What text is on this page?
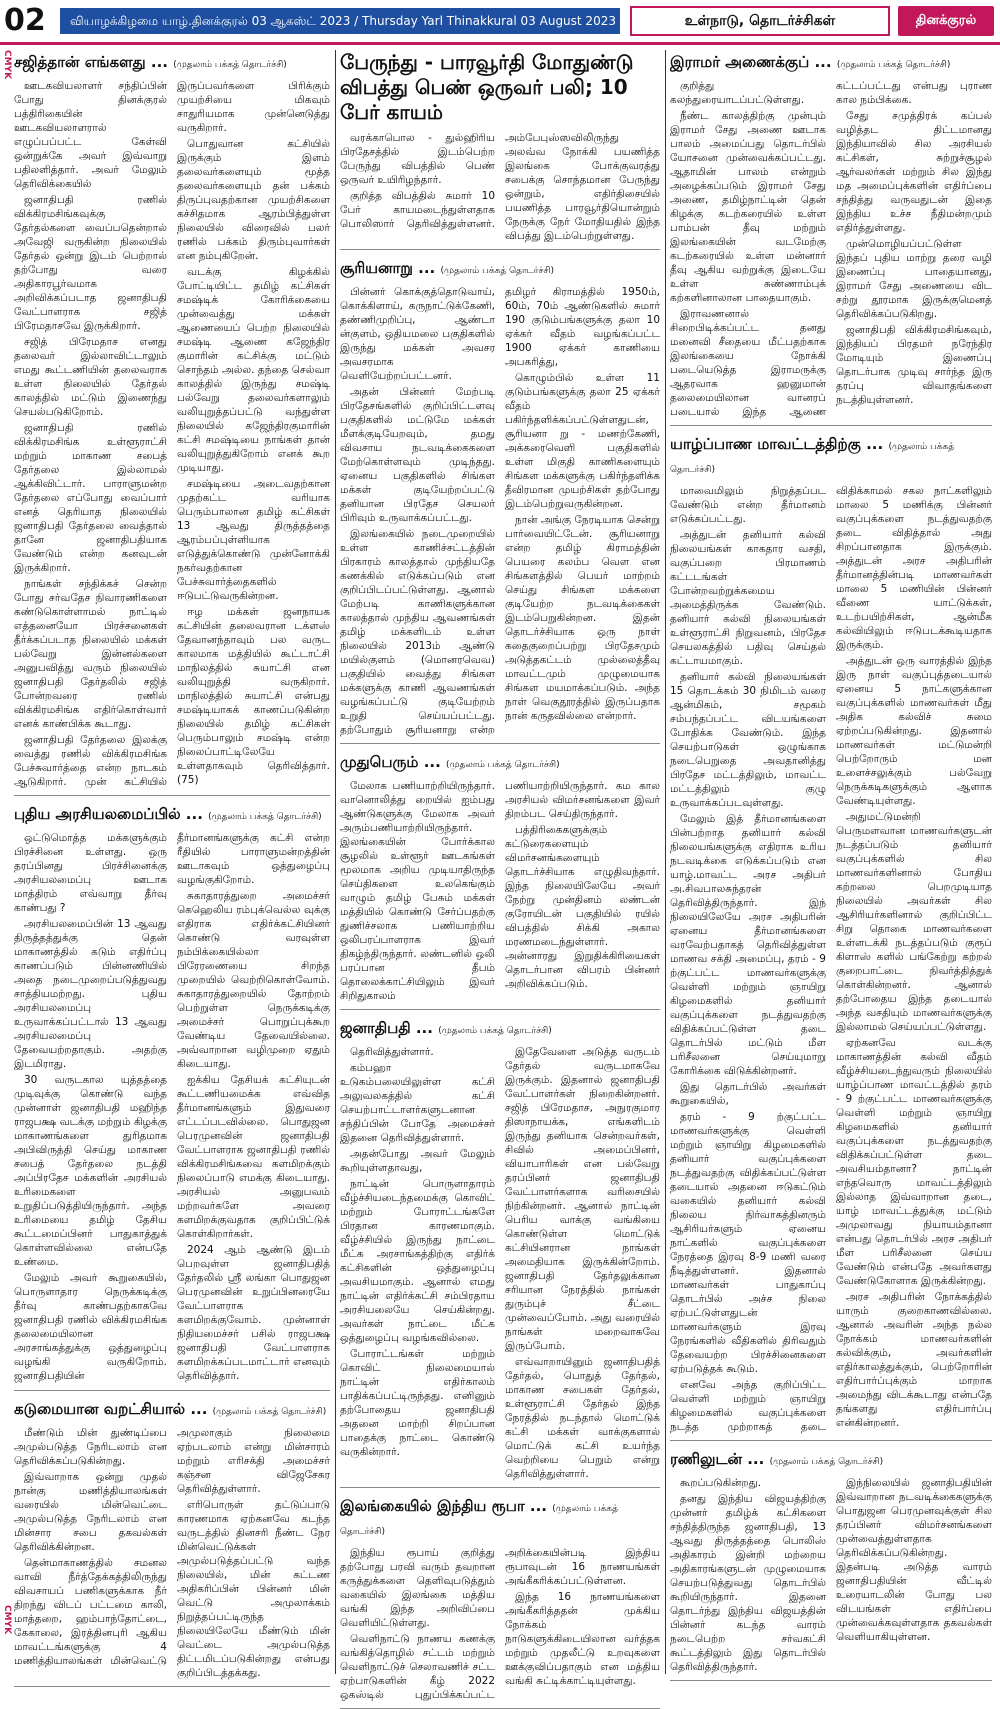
02	வியாழக்கிழமை யாழ்.தினக்குரல் 03 ஆகஸ்ட் 2023 / Thursday Yarl Thinakkural 03 August 2023	உள்நாடு, தொடர்ச்சிகள்	தினக்குரல்
CMYK
CMYK
சஜித்தான் எங்களது ... (முதலாம் பக்கத் தொடர்ச்சி)

ஊடகவியலாளர் சந்திப்பின் போது தினக்குரல் பத்திரிகையின் ஊடகவியலாளரால் எழுப்பப்பட்ட கேள்வி ஒன்றுக்கே அவர் இவ்வாறு பதிலளித்தார். அவர் மேலும் தெரிவிக்கையில்

ஜனாதிபதி ரணில் விக்கிரமசிங்கவுக்கு தேர்தல்களை வைப்பதென்றால் அவேஜி வருகின்ற நிலையில் தேர்தல் ஒன்று இடம் பெற்றால் தற்போது வரை அதிகாரபூர்வமாக அறிவிக்கப்படாத ஜனாதிபதி வேட்பாளராக சஜித் பிரேமதாசவே இருக்கிறார்.

சஜித் பிரேமதாச எனது தலைவர் இல்லாவிட்டாலும் எமது கூட்டணியின் தலைவராக உள்ள நிலையில் தேர்தல் காலத்தில் மட்டும் இணைந்து செயல்படுகிறோம்.

ஜனாதிபதி ரணில் விக்கிரமசிங்க உள்ளூராட்சி மற்றும் மாகாண சபைத் தேர்தலை இல்லாமல் ஆக்கிவிட்டார். பாராளுமன்ற தேர்தலை எப்போது வைப்பார் எனத் தெரியாத நிலையில் ஜனாதிபதி தேர்தலை வைத்தால் தானே ஜனாதிபதியாக வேண்டும் என்ற கனவுடன் இருக்கிறார்.

நாங்கள் சந்திக்கச் சென்ற போது சர்வதேச நிவாரணிகளை கண்டுகொள்ளாமல் நாட்டில் எத்தனையோ பிரச்சனைகள் தீர்க்கப்படாத நிலையில் மக்கள் பல்வேறு இன்னல்களை அனுபவித்து வரும் நிலையில் ஜனாதிபதி தேர்தலில் சஜித் போன்றவரை ரணில் விக்கிரமசிங்க எதிர்கொள்வார் எனக் காண்பிக்க கூடாது.

ஜனாதிபதி தேர்தலை இலக்கு வைத்து ரணில் விக்கிரமசிங்க பேச்சுவார்த்தை என்ற நாடகம் ஆடுகிறார். முன் கட்சியில் இருப்பவர்களை பிரிக்கும் முயற்சியை மிகவும் சாதுரியமாக முன்னெடுத்து வருகிறார்.

பொதுவான கட்சியில் இருக்கும் இளம் தலைவர்களையும் மூத்த தலைவர்களையும் தன் பக்கம் திருப்புவதற்கான முயற்சிகளை கச்சிதமாக ஆரம்பித்துள்ள நிலையில் விரைவில் பலர் ரணில் பக்கம் திரும்புவார்கள் என நம்புகிறேன்.

வடக்கு கிழக்கில் போட்டியிட்ட தமிழ் கட்சிகள் சமஷ்டிக் கோரிக்கையை முன்வைத்து மக்கள் ஆணையைப் பெற்ற நிலையில் சமஷ்டி ஆணை கஜேந்திர குமாரின் கட்சிக்கு மட்டும் சொந்தம் அல்ல. தந்தை செல்வா காலத்தில் இருந்து சமஷ்டி பல்வேறு தலைவர்களாலும் வலியுறுத்தப்பட்டு வந்துள்ள நிலையில் கஜேந்திரகுமாரின் கட்சி சமஷ்டியை நாங்கள் தான் வலியுறுத்துகிறோம் எனக் கூற முடியாது.

சமஷ்டியை அடைவதற்கான முதற்கட்ட வரியாக பெரும்பாலான தமிழ் கட்சிகள் 13 ஆவது திருத்தத்தை ஆரம்பப்புள்ளியாக எடுத்துக்கொண்டு முன்னோக்கி நகர்வதற்கான பேச்சுவார்த்தைகளில் ஈடுபட்டுவருகின்றன.

ஈழ மக்கள் ஜனநாயக கட்சியின் தலைவரான டக்ளஸ் தேவானந்தாவும் பல வருட காலமாக மத்தியில் கூட்டாட்சி மாநிலத்தில் சுயாட்சி என வலியுறுத்தி வருகிறார். மாநிலத்தில் சுயாட்சி என்பது சமஷ்டியாகக் காணப்படுகின்ற நிலையில் தமிழ் கட்சிகள் பெரும்பாலும் சமஷ்டி என்ற நிலைப்பாட்டிலேயே உள்ளதாகவும் தெரிவித்தார். (75)

புதிய அரசியலமைப்பில் ... (முதலாம் பக்கத் தொடர்ச்சி)

ஒட்டுமொத்த மக்களுக்கும் பிரச்சினை உள்ளது. ஒரு தரப்பினது பிரச்சினைக்கு அரசியலமைப்பு ஊடாக மாத்திரம் எவ்வாறு தீர்வு காண்பது ?

அரசியலமைப்பின் 13 ஆவது திருத்தத்துக்கு தென் மாகாணத்தில் கடும் எதிர்ப்பு காணப்படும் பின்னணியில் அதை நடைமுறைப்படுத்துவது சாத்தியமற்றது. புதிய அரசியலமைப்பு உருவாக்கப்பட்டால் 13 ஆவது அரசியலமைப்பு தேவையற்றதாகும். அதற்கு இடமிராது.

30 வருடகால யுத்தத்தை முடிவுக்கு கொண்டு வந்த முன்னாள் ஜனாதிபதி மஹிந்த ராஜபக்ஷ வடக்கு மற்றும் கிழக்கு மாகாணங்களை துரிதமாக அபிவிருத்தி செய்து மாகாண சபைத் தேர்தலை நடத்தி அப்பிரதேச மக்களின் அரசியல் உரிமைகளை உறுதிப்படுத்தியிருந்தார். அந்த உரிமையை தமிழ் தேசிய கூட்டமைப்பினர் பாதுகாத்துக் கொள்ளவில்லை என்பதே உண்மை.

மேலும் அவர் கூறுகையில், பொருளாதார நெருக்கடிக்கு தீர்வு காண்பதற்காகவே ஜனாதிபதி ரணில் விக்கிரமசிங்க தலைமையிலான அரசாங்கத்துக்கு ஒத்துழைப்பு வழங்கி வருகிறோம். ஜனாதிபதியின் தீர்மானங்களுக்கு கட்சி என்ற ரீதியில் பாராளுமன்றத்தின் ஊடாகவும் ஒத்துழைப்பு வழங்குகிறோம்.

சுகாதாரத்துறை அமைச்சர் கெஹெலிய ரம்புக்வெல்ல வுக்கு எதிராக எதிர்க்கட்சியினர் கொண்டு வரவுள்ள நம்பிக்கையில்லா பிரேரணையை சிறந்த முறையில் வெற்றிகொள்வோம். சுகாதாரத்துறையில் தோற்றம் பெற்றுள்ள நெருக்கடிக்கு அமைச்சர் பொறுப்புக்கூற வேண்டிய தேவையில்லை. அவ்வாறான வழிமுறை ஏதும் கிடையாது.

ஐக்கிய தேசியக் கட்சியுடன் கூட்டணியமைக்க எவ்வித தீர்மானங்களும் இதுவரை எட்டப்படவில்லை. பொதுஜன பெரமுனவின் ஜனாதிபதி வேட்பாளராக ஜனாதிபதி ரணில் விக்கிரமசிங்கவை களமிறக்கும் நிலைப்பாடு எமக்கு கிடையாது. அரசியல் அனுபவம் மற்றவர்களே அவரை களமிறக்குவதாக குறிப்பிட்டுக் கொள்கிறார்கள்.

2024 ஆம் ஆண்டு இடம் பெறவுள்ள ஜனாதிபதித் தேர்தலில் ஸ்ரீ லங்கா பொதுஜன பெரமுனவின் உறுப்பினரையே வேட்பாளராக களமிறக்குவோம். முன்னாள் நிதியமைச்சர் பசில் ராஜபக்ஷ ஜனாதிபதி வேட்பாளராக களமிறக்கப்படமாட்டார் எனவும் தெரிவித்தார்.

கடுமையான வறட்சியால் ... (முதலாம் பக்கத் தொடர்ச்சி)

மீண்டும் மின் துண்டிப்பை அமுல்படுத்த நேரிடலாம் என தெரிவிக்கப்படுகின்றது.

இவ்வாறாக ஒன்று முதல் நான்கு மணித்தியாலங்கள் வரையில் மின்வெட்டை அமுல்படுத்த நேரிடலாம் என மின்சார சபை தகவல்கள் தெரிவிக்கின்றன.

தென்மாகாணத்தில் சமனல வாவி நீர்த்தேக்கத்திலிருந்து விவசாயப் பணிகளுக்காக நீர் திறந்து விடப் பட்டமை காலி, மாத்தறை, ஹம்பாந்தோட்டை, கேகாலை, இரத்தினபுரி ஆகிய மாவட்டங்களுக்கு 4 மணித்தியாலங்கள் மின்வெட்டு அமுலாகும் நிலைமை ஏற்படலாம் என்று மின்சாரம் மற்றும் எரிசக்தி அமைச்சர் கஞ்சன விஜேசேகர தெரிவித்துள்ளார்.

எரிபொருள் தட்டுப்பாடு காரணமாக ஏற்கனவே கடந்த வருடத்தில் தினசரி நீண்ட நேர மின்வெட்டுக்கள் அமுல்படுத்தப்பட்டு வந்த நிலையில், மின் கட்டண அதிகரிப்பின் பின்னர் மின் வெட்டு அமுலாக்கம் நிறுத்தப்பட்டிருந்த நிலையிலேயே மீண்டும் மின் வெட்டை அமுல்படுத்த திட்டமிடப்படுகின்றது என்பது குறிப்பிடத்தக்கது.

பேருந்து - பாரவூர்தி மோதுண்டு விபத்து பெண் ஒருவர் பலி; 10 பேர் காயம்

வரக்காபொல - துல்ஹிரிய பிரதேசத்தில் இடம்பெற்ற பேருந்து விபத்தில் பெண் ஒருவர் உயிரிழந்தார்.

குறித்த விபத்தில் சுமார் 10 பேர் காயமடைந்துள்ளதாக பொலிஸார் தெரிவித்துள்ளனர். அம்பேபுஸ்ஸவிலிருந்து அலவ்வ நோக்கி பயணித்த இலங்கை போக்குவரத்து சபைக்கு சொந்தமான பேருந்து ஒன்றும், எதிர்திசையில் பயணித்த பாரவூர்தியொன்றும் நேருக்கு நேர் மோதியதில் இந்த விபத்து இடம்பெற்றுள்ளது.

சூரியனாறு ... (முதலாம் பக்கத் தொடர்ச்சி)

பின்னர் கொக்குத்தொடுவாய், கொக்கிளாய், கருநாட்டுக்கேணி, தண்ணிமுறிப்பு, ஆண்டா ன்குளம், ஒதியமலை பகுதிகளில் இருந்து மக்கள் அவசர அவசரமாக வெளியேற்றப்பட்டனர்.

அதன் பின்னர் மேற்படி பிரதேசங்களில் குறிப்பிட்டளவு பகுதிகளில் மட்டுமே மக்கள் மீளக்குடியேறவும், தமது விவசாய நடவடிக்கைகளை மேற்கொள்ளவும் முடிந்தது. ஏனைய பகுதிகளில் சிங்கள மக்கள் குடியேற்றப்பட்டு தனியான பிரதேச செயலர் பிரிவும் உருவாக்கப்பட்டது.

இலங்கையில் நடைமுறையில் உள்ள காணிச்சட்டத்தின் பிரகாரம் காலத்தால் முந்தியதே கணக்கில் எடுக்கப்படும் என குறிப்பிடப்பட்டுள்ளது. ஆனால் மேற்படி காணிகளுக்கான காலத்தால் முந்திய ஆவணங்கள் தமிழ் மக்களிடம் உள்ள நிலையில் 2013ம் ஆண்டு மயில்குளம் (மொனரவெவ) பகுதியில் வைத்து சிங்கள மக்களுக்கு காணி ஆவணங்கள் வழங்கப்பட்டு குடியேற்றம் உறுதி செய்யப்பட்டது. தற்போதும் சூரியனாறு என்ற தமிழர் கிராமத்தில் 1950ம், 60ம், 70ம் ஆண்டுகளில் சுமார் 190 குடும்பங்களுக்கு தலா 10 ஏக்கர் வீதம் வழங்கப்பட்ட 1900 ஏக்கர் காணியை அபகரித்து,

கொழும்பில் உள்ள 11 குடும்பங்களுக்கு தலா 25 ஏக்கர் வீதம் பகிர்ந்தளிக்கப்பட்டுள்ளதுடன், சூரியனா று - மணற்கேணி, அக்கரைவெளி பகுதிகளில் உள்ள மிகுதி காணிகளையும் சிங்கள மக்களுக்கு பகிர்ந்தளிக்க தீவிரமான முயற்சிகள் தற்போது இடம்பெற்றுவருகின்றன.

நான் அங்கு நேரடியாக சென்று பார்வையிட்டேன். சூரியனாறு என்ற தமிழ் கிராமத்தின் பெயரை கலம்ப வெள என சிங்களத்தில் பெயர் மாற்றம் செய்து சிங்கள மக்களை குடியேற்ற நடவடிக்கைகள் இடம்பெறுகின்றன. இதன் தொடர்ச்சியாக ஒரு நாள் கதைகுறைப்பற்று பிரதேசமும் அடுத்தகட்டம் முல்லைத்தீவு மாவட்டமும் முழுமையாக சிங்கள மயமாக்கப்படும். அந்த நாள் வெகுதூரத்தில் இருப்பதாக நான் கருதவில்லை என்றார்.

முதுபெரும் ... (முதலாம் பக்கத் தொடர்ச்சி)

மேலாக பணியாற்றியிருந்தார். வானொலித்து றையில் ஐம்பது ஆண்டுகளுக்கு மேலாக அவர் அரும்பணியாற்றியிருந்தார். இலங்கையின் போர்க்கால சூழலில் உள்ளூர் ஊடகங்கள் மூலமாக அறிய முடியாதிருந்த செய்திகளை உலகெங்கும் வாழும் தமிழ் பேசும் மக்கள் மத்தியில் கொண்டு சேர்ப்பதற்கு துணிச்சலாக பணியாற்றிய ஒலிபரப்பாளராக இவர் திகழ்ந்திருந்தார். லண்டனில் ஒலி பரப்பான தீபம் தொலைக்காட்சியிலும் இவர் சிறிதுகாலம் பணியாற்றியிருந்தார். கம கால அரசியல் விமர்சனங்களை இவர் திறம்பட செய்திருந்தார்.

பத்திரிகைகளுக்கும் கட்டுரைகளையும் விமர்சனங்களையும் தொடர்ச்சியாக எழுதிவந்தார். இந்த நிலையிலேயே அவர் நேற்று முன்தினம் லண்டன் குரோயிடன் பகுதியில் ரயில் விபத்தில் சிக்கி அகால மரணமடைந்துள்ளார். அன்னாரது இறுதிக்கிரியைகள் தொடர்பான விபரம் பின்னர் அறிவிக்கப்படும்.

ஜனாதிபதி ... (முதலாம் பக்கத் தொடர்ச்சி)

தெரிவித்துள்ளார்.

கம்பஹா உடுகம்பலையிலுள்ள கட்சி அலுவலகத்தில் கட்சி செயற்பாட்டாளர்களுடனான சந்திப்பின் போதே அமைச்சர் இதனை தெரிவித்துள்ளார்.

அதன்போது அவர் மேலும் கூறியுள்ளதாவது,

நாட்டின் பொருளாதாரம் வீழ்ச்சியடைந்தமைக்கு கொவிட் மற்றும் போராட்டங்களே பிரதான காரணமாகும். வீழ்ச்சியில் இருந்து நாட்டை மீட்க அரசாங்கத்திற்கு எதிர்க் கட்சிகளின் ஒத்துழைப்பு அவசியமாகும். ஆனால் எமது நாட்டின் எதிர்க்கட்சி சம்பிரதாய அரசியலையே செய்கின்றது. அவர்கள் நாட்டை மீட்க ஒத்துழைப்பு வழங்கவில்லை.

போராட்டங்கள் மற்றும் கொவிட் நிலைமையால் நாட்டின் எதிர்காலம் பாதிக்கப்பட்டிருந்தது. எனினும் தற்போதைய ஜனாதிபதி அதனை மாற்றி சிறப்பான பாதைக்கு நாட்டை கொண்டு வருகின்றார்.

இதேவேளை அடுத்த வருடம் தேர்தல் வருடமாகவே இருக்கும். இதனால் ஜனாதிபதி வேட்பாளர்கள் நிறைகின்றனர். சஜித் பிரேமதாச, அநுரகுமார திஸாநாயக்க, எங்களிடம் இருந்து தனியாக சென்றவர்கள், சிவில் அமைப்பினர், வியாபாரிகள் என பல்வேறு தரப்பினர் ஜனாதிபதி வேட்பாளர்களாக வரிசையில் நிற்கின்றனர். ஆனால் நாட்டின் பெரிய வாக்கு வங்கியை கொண்டுள்ள மொட்டுக் கட்சியினரான நாங்கள் அமைதியாக இருக்கின்றோம். ஜனாதிபதி தேர்தலுக்கான சரியான நேரத்தில் நாங்கள் துரும்புச் சீட்டை முன்வைப்போம். அது வரையில் நாங்கள் மறைவாகவே இருப்போம்.

எவ்வாறாயினும் ஜனாதிபதித் தேர்தல், பொதுத் தேர்தல், மாகாண சபைகள் தேர்தல், உள்ளூராட்சி தேர்தல் இந்த நேரத்தில் நடந்தால் மொட்டுக் கட்சி மக்கள் வாக்குகளால் மொட்டுக் கட்சி உயர்ந்த வெற்றியை பெறும் என்று தெரிவித்துள்ளார்.

இலங்கையில் இந்திய ரூபா ... (முதலாம் பக்கத் தொடர்ச்சி)

இந்திய ரூபாய் குறித்து தற்போது பரவி வரும் தவறான கருத்துக்களை தெளிவுபடுத்தும் வகையில் இலங்கை மத்திய வங்கி இந்த அறிவிப்பை வெளியிட்டுள்ளது.

வெளிநாட்டு நாணய கணக்கு வங்கித்தொழில் சட்டம் மற்றும் வெளிநாட்டுச் செலாவணிச் சட்ட ஏற்பாடுகளின் கீழ் 2022 ஒகஸ்டில் புதுப்பிக்கப்பட்ட அறிக்கையின்படி இந்திய ரூபாவுடன் 16 நாணயங்கள் அங்கீகரிக்கப்பட்டுள்ளன.

இந்த 16 நாணயங்களை அங்கீகரித்ததன் முக்கிய நோக்கம் நாடுகளுக்கிடையிலான வர்த்தக மற்றும் முதலீட்டு உறவுகளை ஊக்குவிப்பதாகும் என மத்திய வங்கி சுட்டிக்காட்டியுள்ளது.

இராமர் அணைக்குப் ... (முதலாம் பக்கத் தொடர்ச்சி)

குறித்து கலந்துரையாடப்பட்டுள்ளது.

நீண்ட காலத்திற்கு முன்பும் இராமர் சேது அணை ஊடாக பாலம் அமைப்பது தொடர்பில் யோசனை முன்வைக்கப்பட்டது. ஆதாமின் பாலம் என்றும் அழைக்கப்படும் இராமர் சேது அணை, தமிழ்நாட்டின் தென் கிழக்கு கடற்கரையில் உள்ள பாம்பன் தீவு மற்றும் இலங்கையின் வடமேற்கு கடற்கரையில் உள்ள மன்னார் தீவு ஆகிய வற்றுக்கு இடையே உள்ள சுண்ணாம்புக் கற்களினாலான பாதையாகும்.

இராவணனால் சிறைபிடிக்கப்பட்ட தனது மனைவி சீதையை மீட்பதற்காக இலங்கையை நோக்கி படையெடுத்த இராமருக்கு ஆதரவாக ஹனுமான் தலைமையிலான வானரப் படையால் இந்த ஆணை கட்டப்பட்டது என்பது புராண கால நம்பிக்கை.

சேது சமுத்திரக் கப்பல் வழித்தட திட்டமானது இந்தியாவில் சில அரசியல் கட்சிகள், சுற்றுச்சூழல் ஆர்வலர்கள் மற்றும் சில இந்து மத அமைப்புக்களின் எதிர்ப்பை சந்தித்து வருவதுடன் இதை இந்திய உச்ச நீதிமன்றமும் எதிர்த்துள்ளது.

முன்மொழியப்பட்டுள்ள இந்தப் புதிய மாற்று தரை வழி இணைப்பு பாதையானது, இராமர் சேது அணையை விட சற்று தூரமாக இருக்குமெனத் தெரிவிக்கப்படுகிறது.

ஜனாதிபதி விக்கிரமசிங்கவும், இந்தியப் பிரதமர் நரேந்திர மோடியும் இணைப்பு தொடர்பாக முடிவு சார்ந்த இரு தரப்பு விவாதங்களை நடத்தியுள்ளனர்.

யாழ்ப்பாண மாவட்டத்திற்கு ... (முதலாம் பக்கத் தொடர்ச்சி)

மாவைமிலும் நிறுத்தப்பட வேண்டும் என்ற தீர்மானம் எடுக்கப்பட்டது.

அத்துடன் தனியார் கல்வி நிலையங்கள் காகதார வசதி, வகுப்பறை பிரமாணம் கட்டடங்கள் போன்றவற்றுக்கமைய அமைத்திருக்க வேண்டும். தனியார் கல்வி நிலையங்கள் உள்ளூராட்சி நிறுவனம், பிரதேச செயலகத்தில் பதிவு செய்தல் கட்டாயமாகும்.

தனியார் கல்வி நிலையங்கள் 15 தொடக்கம் 30 நிமிடம் வரை ஆன்மிகம், சமூகம் சம்பந்தப்பட்ட விடயங்களை போதிக்க வேண்டும். இந்த செயற்பாடுகள் ஒழுங்காக நடைபெறுதை அவதானித்து பிரதேச மட்டத்திலும், மாவட்ட மட்டத்திலும் குழு உருவாக்கப்படவுள்ளது.

மேலும் இத் தீர்மானங்களை பின்பற்றாத தனியார் கல்வி நிலையங்களுக்கு எதிராக உரிய நடவடிக்கை எடுக்கப்படும் என யாழ்.மாவட்ட அரச அதிபர் அ.சிவபாலசுந்தரன் தெரிவித்திருந்தார். இந் நிலையிலேயே அரச அதிபரின் ஏனைய தீர்மானங்களை வரவேற்பதாகத் தெரிவித்துள்ள மாணவ சக்தி அமைப்பு, தரம் - 9 ற்குட்பட்ட மாணவர்களுக்கு வெள்ளி மற்றும் ஞாயிறு கிழமைகளில் தனியார் வகுப்புக்களை நடத்துவதற்கு விதிக்கப்பட்டுள்ள தடை தொடர்பில் மட்டும் மீள பரிசீலனை செய்யுமாறு கோரிக்கை விடுக்கின்றனர்.

இது தொடர்பில் அவர்கள் கூறுகையில்,

தரம் - 9 ற்குட்பட்ட மாணவர்களுக்கு வெள்ளி மற்றும் ஞாயிறு கிழமைகளில் தனியார் வகுப்புக்களை நடத்துவதற்கு விதிக்கப்பட்டுள்ள தடையால் அதனை ஈடுகட்டும் வகையில் தனியார் கல்வி நிலைய நிர்வாகத்தினரும் ஆசிரியர்களும் ஏனைய நாட்களில் வகுப்புக்களை நேரத்தை இரவு 8-9 மணி வரை நீடித்துள்ளனர். இதனால் மாணவர்கள் பாதுகாப்பு தொடர்பில் அச்ச நிலை ஏற்பட்டுள்ளதுடன் மாணவர்களும் இரவு நேரங்களில் வீதிகளில் திரிவதும் தேவையற்ற பிரச்சினைகளை ஏற்படுத்தக் கூடும்.

எனவே அந்த குறிப்பிட்ட வெள்ளி மற்றும் ஞாயிறு கிழமைகளில் வகுப்புக்களை நடத்த முற்றாகத் தடை விதிக்காமல் சகல நாட்களிலும் மாலை 5 மணிக்கு பின்னர் வகுப்புக்களை நடத்துவதற்கு தடை விதித்தால் அது சிறப்பானதாக இருக்கும். அத்துடன் அரச அதிபரின் தீர்மானத்தின்படி மாணவர்கள் மாலை 5 மணியின் பின்னர் வீணை யாட்டுக்கள், உடற்பயிற்சிகள், ஆன்மீக கல்வியிலும் ஈடுபடக்கூடியதாக இருக்கும்.

அத்துடன் ஒரு வாரத்தில் இந்த இரு நாள் வகுப்புத்தடையால் ஏனைய 5 நாட்களுக்கான வகுப்புக்களில் மாணவர்கள் மீது அதிக கல்விச் சுமை ஏற்றப்படுகின்றது. இதனால் மாணவர்கள் மட்டுமன்றி பெற்றோரும் மன உளைச்சலுக்கும் பல்வேறு நெருக்கடிகளுக்கும் ஆளாக வேண்டியுள்ளது.

அதுமட்டுமன்றி பெருமளவான மாணவர்களுடன் நடத்தப்படும் தனியார் வகுப்புக்களில் சில மாணவர்களினால் போதிய கற்றலை பெறமுடியாத நிலையில் அவர்கள் சில ஆசிரியர்களினால் குறிப்பிட்ட சிறு தொகை மாணவர்களை உள்ளடக்கி நடத்தப்படும் குரூப் கிளாஸ் களில் பங்கேற்று கற்றல் குறைபாட்டை நிவர்த்தித்துக் கொள்கின்றனர். ஆனால் தற்போதைய இந்த தடையால் அந்த வசதியும் மாணவர்களுக்கு இல்லாமல் செய்யப்பட்டுள்ளது.

ஏற்கனவே வடக்கு மாகாணத்தின் கல்வி வீதம் வீழ்ச்சியடைந்துவரும் நிலையில் யாழ்ப்பாண மாவட்டத்தில் தரம் - 9 ற்குட்பட்ட மாணவர்களுக்கு வெள்ளி மற்றும் ஞாயிறு கிழமைகளில் தனியார் வகுப்புக்களை நடத்துவதற்கு விதிக்கப்பட்டுள்ள தடை அவசியம்தானா? நாட்டின் எந்தவொரு மாவட்டத்திலும் இல்லாத இவ்வாறான தடை, யாழ் மாவட்டத்துக்கு மட்டும் அமுலாவது நியாயம்தானா என்பது தொடர்பில் அரச அதிபர் மீள பரிசீலனை செய்ய வேண்டும் என்பதே அவர்களது வேண்டுகோளாக இருக்கின்றது.

அரச அதிபரின் நோக்கத்தில் யாரும் குறைகாணவில்லை. ஆனால் அவரின் அந்த நல்ல நோக்கம் மாணவர்களின் கல்விக்கும், அவர்களின் எதிர்காலத்துக்கும், பெற்றோரின் எதிர்பார்ப்புக்கும் மாறாக அமைந்து விடக்கூடாது என்பதே தங்களது எதிர்பார்ப்பு என்கின்றனர்.

ரணிலுடன் ... (முதலாம் பக்கத் தொடர்ச்சி)

கூறப்படுகின்றது.

தனது இந்திய விஜயத்திற்கு முன்னர் தமிழ்க் கட்சிகளை சந்தித்திருந்த ஜனாதிபதி, 13 ஆவது திருத்தத்தை பொலிஸ் அதிகாரம் இன்றி மற்றைய அதிகாரங்களுடன் முழுமையாக செயற்படுத்துவது தொடர்பில் கூறியிருந்தார். இதனை தொடர்ந்து இந்திய விஜயத்தின் பின்னர் கடந்த வாரம் நடைபெற்ற சர்வகட்சி கூட்டத்திலும் இது தொடர்பில் தெரிவித்திருந்தார்.

இந்நிலையில் ஜனாதிபதியின் இவ்வாறான நடவடிக்கைகளுக்கு பொதுஜன பெரமுனவுக்குள் சில தரப்பினர் விமர்சனங்களை முன்வைத்துள்ளதாக தெரிவிக்கப்படுகின்றது. இதன்படி அடுத்த வாரம் ஜனாதிபதியின் வீட்டில் உரையாடலின் போது பல விடயங்கள் எதிர்ப்பை முன்வைக்கவுள்ளதாக தகவல்கள் வெளியாகியுள்ளன.
